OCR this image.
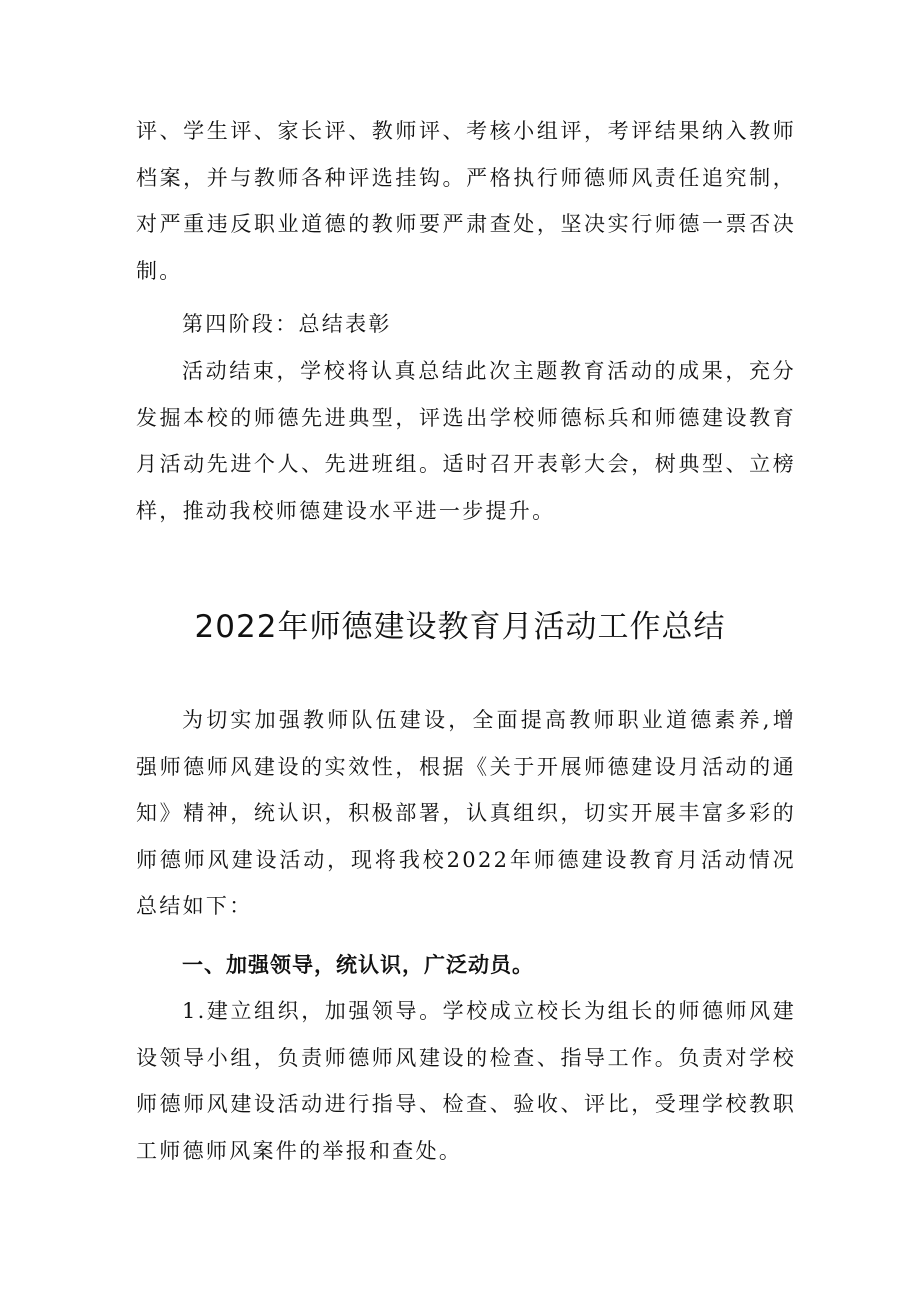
评、学生评、家长评、教师评、考核小组评，考评结果纳入教师档案，并与教师各种评选挂钩。严格执行师德师风责任追究制，对严重违反职业道德的教师要严肃查处，坚决实行师德一票否决制。

第四阶段：总结表彰

活动结束，学校将认真总结此次主题教育活动的成果，充分发掘本校的师德先进典型，评选出学校师德标兵和师德建设教育月活动先进个人、先进班组。适时召开表彰大会，树典型、立榜样，推动我校师德建设水平进一步提升。

2022年师德建设教育月活动工作总结

为切实加强教师队伍建设，全面提高教师职业道德素养,增强师德师风建设的实效性，根据《关于开展师德建设月活动的通知》精神，统认识，积极部署，认真组织，切实开展丰富多彩的师德师风建设活动，现将我校2022年师德建设教育月活动情况总结如下：

一、加强领导，统认识，广泛动员。

1.建立组织，加强领导。学校成立校长为组长的师德师风建设领导小组，负责师德师风建设的检查、指导工作。负责对学校师德师风建设活动进行指导、检查、验收、评比，受理学校教职工师德师风案件的举报和查处。
